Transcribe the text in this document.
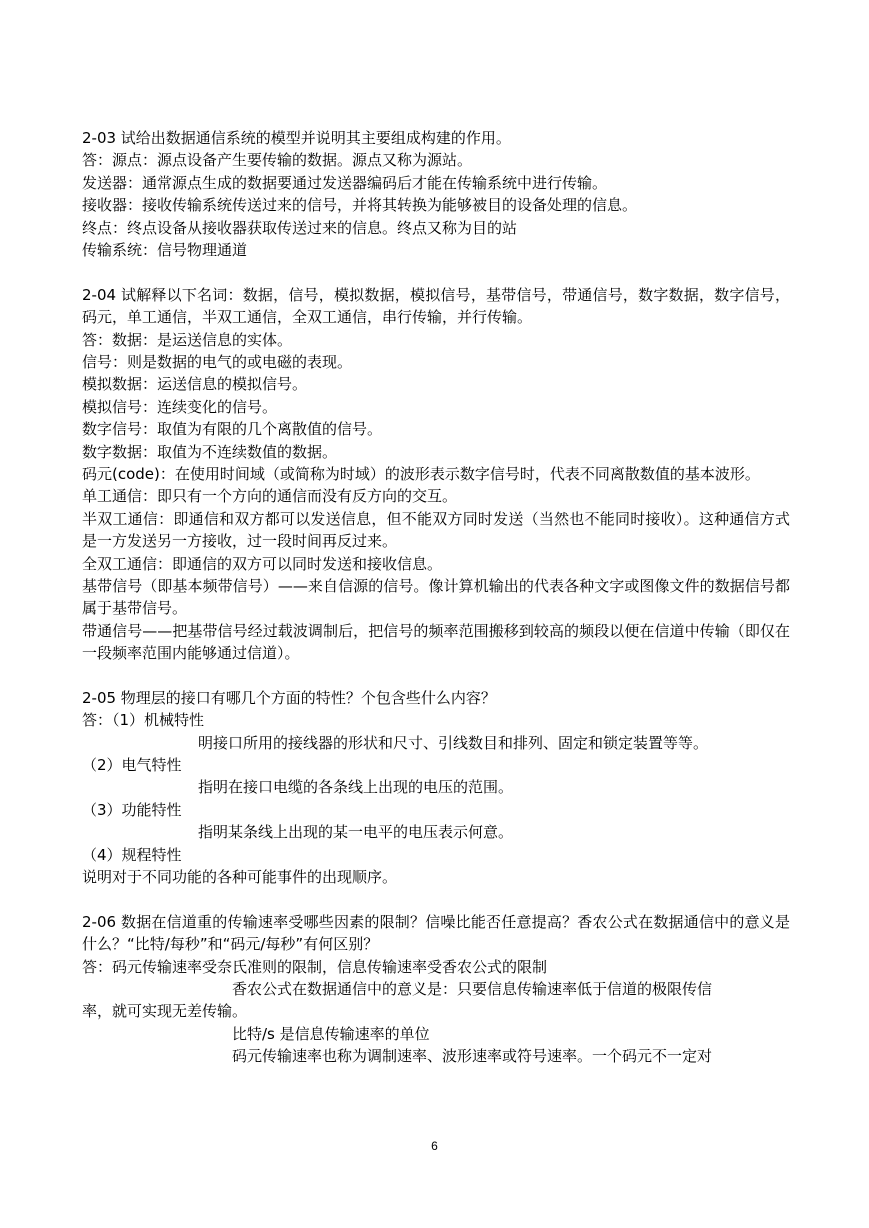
2-03 试给出数据通信系统的模型并说明其主要组成构建的作用。
答：源点：源点设备产生要传输的数据。源点又称为源站。
发送器：通常源点生成的数据要通过发送器编码后才能在传输系统中进行传输。
接收器：接收传输系统传送过来的信号，并将其转换为能够被目的设备处理的信息。
终点：终点设备从接收器获取传送过来的信息。终点又称为目的站
传输系统：信号物理通道
2-04 试解释以下名词：数据，信号，模拟数据，模拟信号，基带信号，带通信号，数字数据，数字信号，码元，单工通信，半双工通信，全双工通信，串行传输，并行传输。
答：数据：是运送信息的实体。
信号：则是数据的电气的或电磁的表现。
模拟数据：运送信息的模拟信号。
模拟信号：连续变化的信号。
数字信号：取值为有限的几个离散值的信号。
数字数据：取值为不连续数值的数据。
码元(code)：在使用时间域（或简称为时域）的波形表示数字信号时，代表不同离散数值的基本波形。
单工通信：即只有一个方向的通信而没有反方向的交互。
半双工通信：即通信和双方都可以发送信息，但不能双方同时发送（当然也不能同时接收）。这种通信方式是一方发送另一方接收，过一段时间再反过来。
全双工通信：即通信的双方可以同时发送和接收信息。
基带信号（即基本频带信号）——来自信源的信号。像计算机输出的代表各种文字或图像文件的数据信号都属于基带信号。
带通信号——把基带信号经过载波调制后，把信号的频率范围搬移到较高的频段以便在信道中传输（即仅在一段频率范围内能够通过信道）。
2-05 物理层的接口有哪几个方面的特性？个包含些什么内容？
答：（1）机械特性
明接口所用的接线器的形状和尺寸、引线数目和排列、固定和锁定装置等等。
（2）电气特性
指明在接口电缆的各条线上出现的电压的范围。
（3）功能特性
指明某条线上出现的某一电平的电压表示何意。
（4）规程特性
说明对于不同功能的各种可能事件的出现顺序。
2-06 数据在信道重的传输速率受哪些因素的限制？信噪比能否任意提高？香农公式在数据通信中的意义是什么？“比特/每秒”和“码元/每秒”有何区别？
答：码元传输速率受奈氏准则的限制，信息传输速率受香农公式的限制
香农公式在数据通信中的意义是：只要信息传输速率低于信道的极限传信
率，就可实现无差传输。
比特/s 是信息传输速率的单位
码元传输速率也称为调制速率、波形速率或符号速率。一个码元不一定对
6
